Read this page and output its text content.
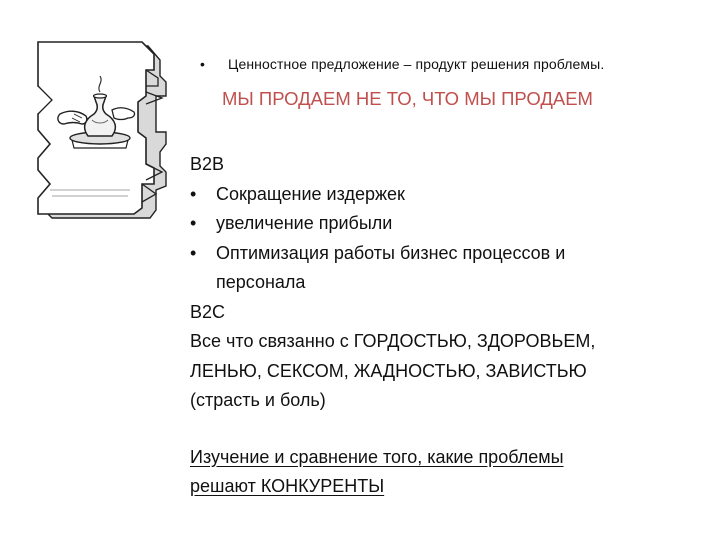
• Ценностное предложение – продукт решения проблемы.
МЫ ПРОДАЕМ НЕ ТО, ЧТО МЫ ПРОДАЕМ
B2B
• Сокращение издержек
• увеличение прибыли
• Оптимизация работы бизнес процессов и
персонала
B2C
Все что связанно с ГОРДОСТЬЮ, ЗДОРОВЬЕМ,
ЛЕНЬЮ, СЕКСОМ, ЖАДНОСТЬЮ, ЗАВИСТЬЮ
(страсть и боль)
Изучение и сравнение того, какие проблемы
решают КОНКУРЕНТЫ
